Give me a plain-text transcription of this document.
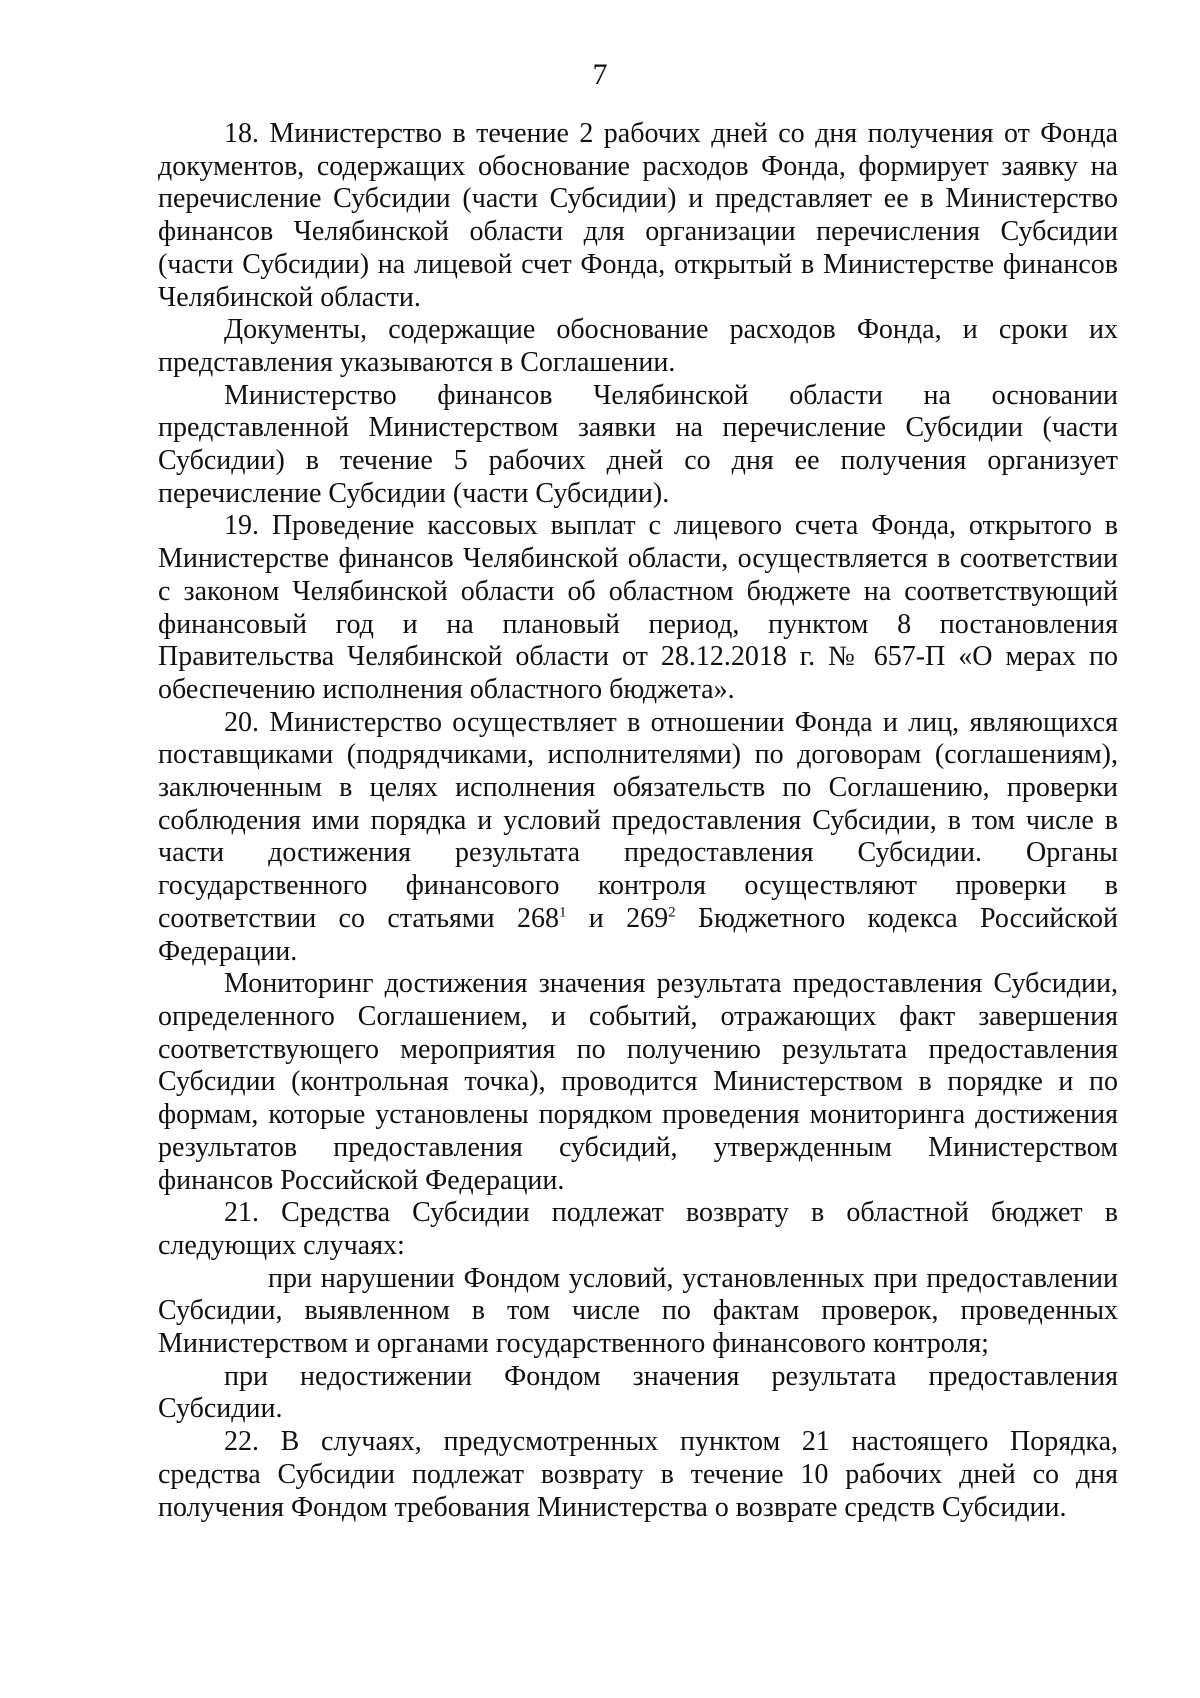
7

18. Министерство в течение 2 рабочих дней со дня получения от Фонда документов, содержащих обоснование расходов Фонда, формирует заявку на перечисление Субсидии (части Субсидии) и представляет ее в Министерство финансов Челябинской области для организации перечисления Субсидии (части Субсидии) на лицевой счет Фонда, открытый в Министерстве финансов Челябинской области.

Документы, содержащие обоснование расходов Фонда, и сроки их представления указываются в Соглашении.

Министерство финансов Челябинской области на основании представленной Министерством заявки на перечисление Субсидии (части Субсидии) в течение 5 рабочих дней со дня ее получения организует перечисление Субсидии (части Субсидии).

19. Проведение кассовых выплат с лицевого счета Фонда, открытого в Министерстве финансов Челябинской области, осуществляется в соответствии с законом Челябинской области об областном бюджете на соответствующий финансовый год и на плановый период, пунктом 8 постановления Правительства Челябинской области от 28.12.2018 г. № 657-П «О мерах по обеспечению исполнения областного бюджета».

20. Министерство осуществляет в отношении Фонда и лиц, являющихся поставщиками (подрядчиками, исполнителями) по договорам (соглашениям), заключенным в целях исполнения обязательств по Соглашению, проверки соблюдения ими порядка и условий предоставления Субсидии, в том числе в части достижения результата предоставления Субсидии. Органы государственного финансового контроля осуществляют проверки в соответствии со статьями $268^1$ и $269^2$ Бюджетного кодекса Российской Федерации.

Мониторинг достижения значения результата предоставления Субсидии, определенного Соглашением, и событий, отражающих факт завершения соответствующего мероприятия по получению результата предоставления Субсидии (контрольная точка), проводится Министерством в порядке и по формам, которые установлены порядком проведения мониторинга достижения результатов предоставления субсидий, утвержденным Министерством финансов Российской Федерации.

21. Средства Субсидии подлежат возврату в областной бюджет в следующих случаях:

при нарушении Фондом условий, установленных при предоставлении Субсидии, выявленном в том числе по фактам проверок, проведенных Министерством и органами государственного финансового контроля;

при недостижении Фондом значения результата предоставления Субсидии.

22. В случаях, предусмотренных пунктом 21 настоящего Порядка, средства Субсидии подлежат возврату в течение 10 рабочих дней со дня получения Фондом требования Министерства о возврате средств Субсидии.
